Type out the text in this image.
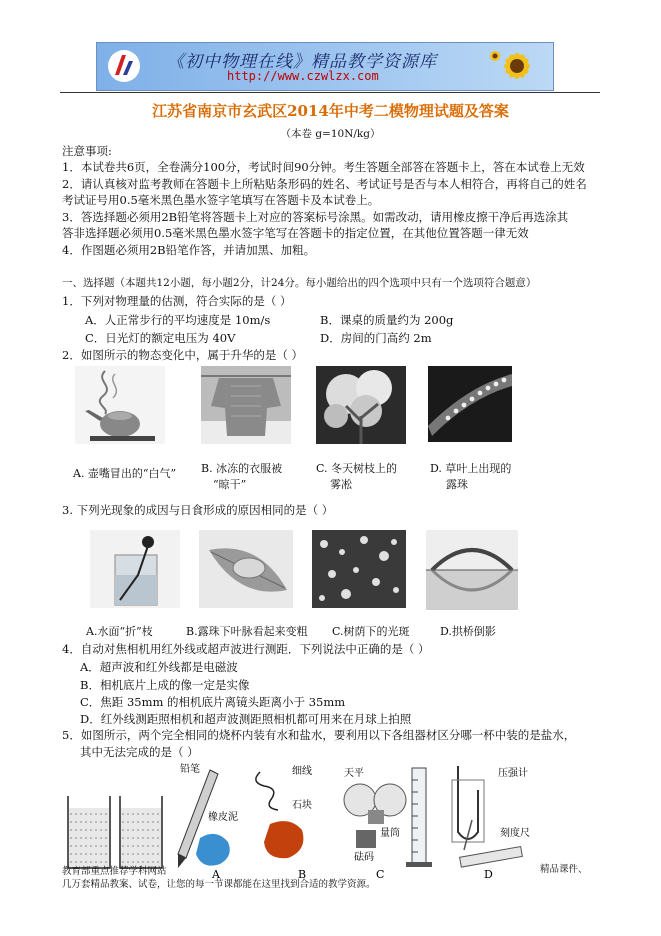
《初中物理在线》精品教学资源库
http://www.czwlzx.com
江苏省南京市玄武区2014年中考二模物理试题及答案
（本卷 g=10N/kg）
注意事项:
1．本试卷共6页，全卷满分100分，考试时间90分钟。考生答题全部答在答题卡上，答在本试卷上无效
2．请认真核对监考教师在答题卡上所粘贴条形码的姓名、考试证号是否与本人相符合，再将自己的姓名
考试证号用0.5毫米黑色墨水签字笔填写在答题卡及本试卷上。
3．答选择题必须用2B铅笔将答题卡上对应的答案标号涂黑。如需改动，请用橡皮擦干净后再选涂其
答非选择题必须用0.5毫米黑色墨水签字笔写在答题卡的指定位置，在其他位置答题一律无效
4．作图题必须用2B铅笔作答，并请加黑、加粗。
一、选择题（本题共12小题，每小题2分，计24分。每小题给出的四个选项中只有一个选项符合题意）
1．下列对物理量的估测，符合实际的是（ ）
A．人正常步行的平均速度是 10m/s	B．课桌的质量约为 200g
C．日光灯的额定电压为 40V	D．房间的门高约 2m
2．如图所示的物态变化中，属于升华的是（ ）
A. 壶嘴冒出的“白气” B. 冰冻的衣服被
“晾干”
C. 冬天树枝上的
雾凇
D. 草叶上出现的
露珠
3. 下列光现象的成因与日食形成的原因相同的是（ ）
A.水面“折”枝	B.露珠下叶脉看起来变粗 C.树荫下的光斑	D.拱桥倒影
4．自动对焦相机用红外线或超声波进行测距．下列说法中正确的是（ ）
A．超声波和红外线都是电磁波
B．相机底片上成的像一定是实像
C．焦距 35mm 的相机底片离镜头距离小于 35mm
D．红外线测距照相机和超声波测距照相机都可用来在月球上拍照
5．如图所示，两个完全相同的烧杯内装有水和盐水，要利用以下各组器材区分哪一杯中装的是盐水，
其中无法完成的是（ ）
铅笔
橡皮泥
细线
石块
天平
量筒
砝码
压强计
刻度尺
A	B	C	D
教育部重点推荐学科网站	精品课件、
几万套精品教案、试卷，让您的每一节课都能在这里找到合适的教学资源。
